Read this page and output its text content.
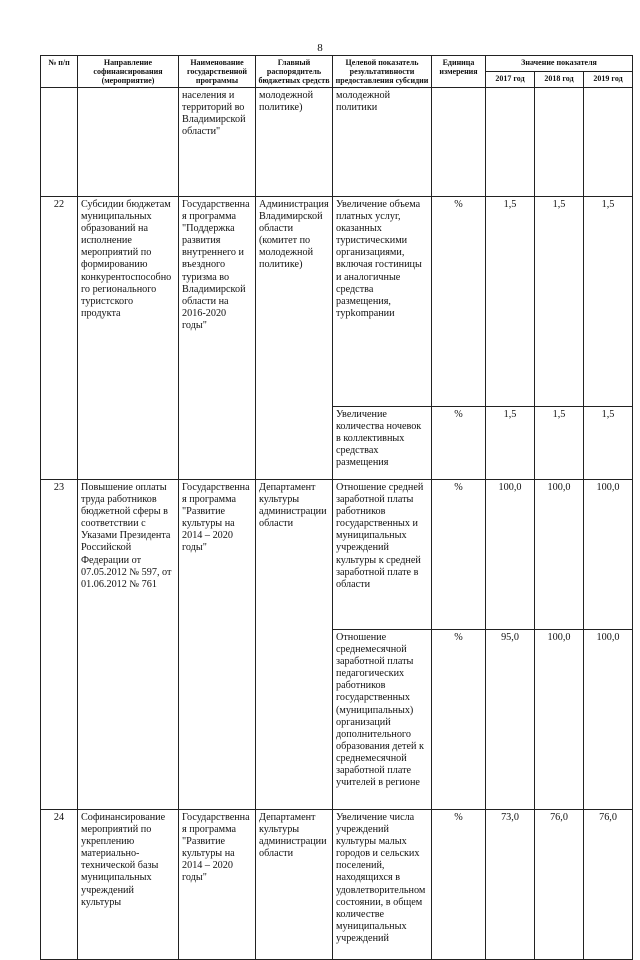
8
№ п/п	Направление софинансирования (мероприятие)	Наименование государственной программы	Главный распорядитель бюджетных средств	Целевой показатель результативности предоставления субсидии	Единица измерения	Значение показателя		
						2017 год	2018 год	2019 год
		населения и территорий во Владимирской области"	молодежной политике)	молодежной политики				
22	Субсидии бюджетам муниципальных образований на исполнение мероприятий по формированию конкурентоспособного регионального туристского продукта	Государственная программа "Поддержка развития внутреннего и въездного туризма во Владимирской области на 2016-2020 годы"	Администрация Владимирской области (комитет по молодежной политике)	Увеличение объема платных услуг, оказанных туристическими организациями, включая гостиницы и аналогичные средства размещения, турkompании	%	1,5	1,5	1,5
				Увеличение количества ночевок в коллективных средствах размещения	%	1,5	1,5	1,5
23	Повышение оплаты труда работников бюджетной сферы в соответствии с Указами Президента Российской Федерации от 07.05.2012 № 597, от 01.06.2012 № 761	Государственная программа "Развитие культуры на 2014 – 2020 годы"	Департамент культуры администрации области	Отношение средней заработной платы работников государственных и муниципальных учреждений культуры к средней заработной плате в области	%	100,0	100,0	100,0
				Отношение среднемесячной заработной платы педагогических работников государственных (муниципальных) организаций дополнительного образования детей к среднемесячной заработной плате учителей в регионе	%	95,0	100,0	100,0
24	Софинансирование мероприятий по укреплению материально-технической базы муниципальных учреждений культуры	Государственная программа "Развитие культуры на 2014 – 2020 годы"	Департамент культуры администрации области	Увеличение числа учреждений культуры малых городов и сельских поселений, находящихся в удовлетворительном состоянии, в общем количестве муниципальных учреждений	%	73,0	76,0	76,0
